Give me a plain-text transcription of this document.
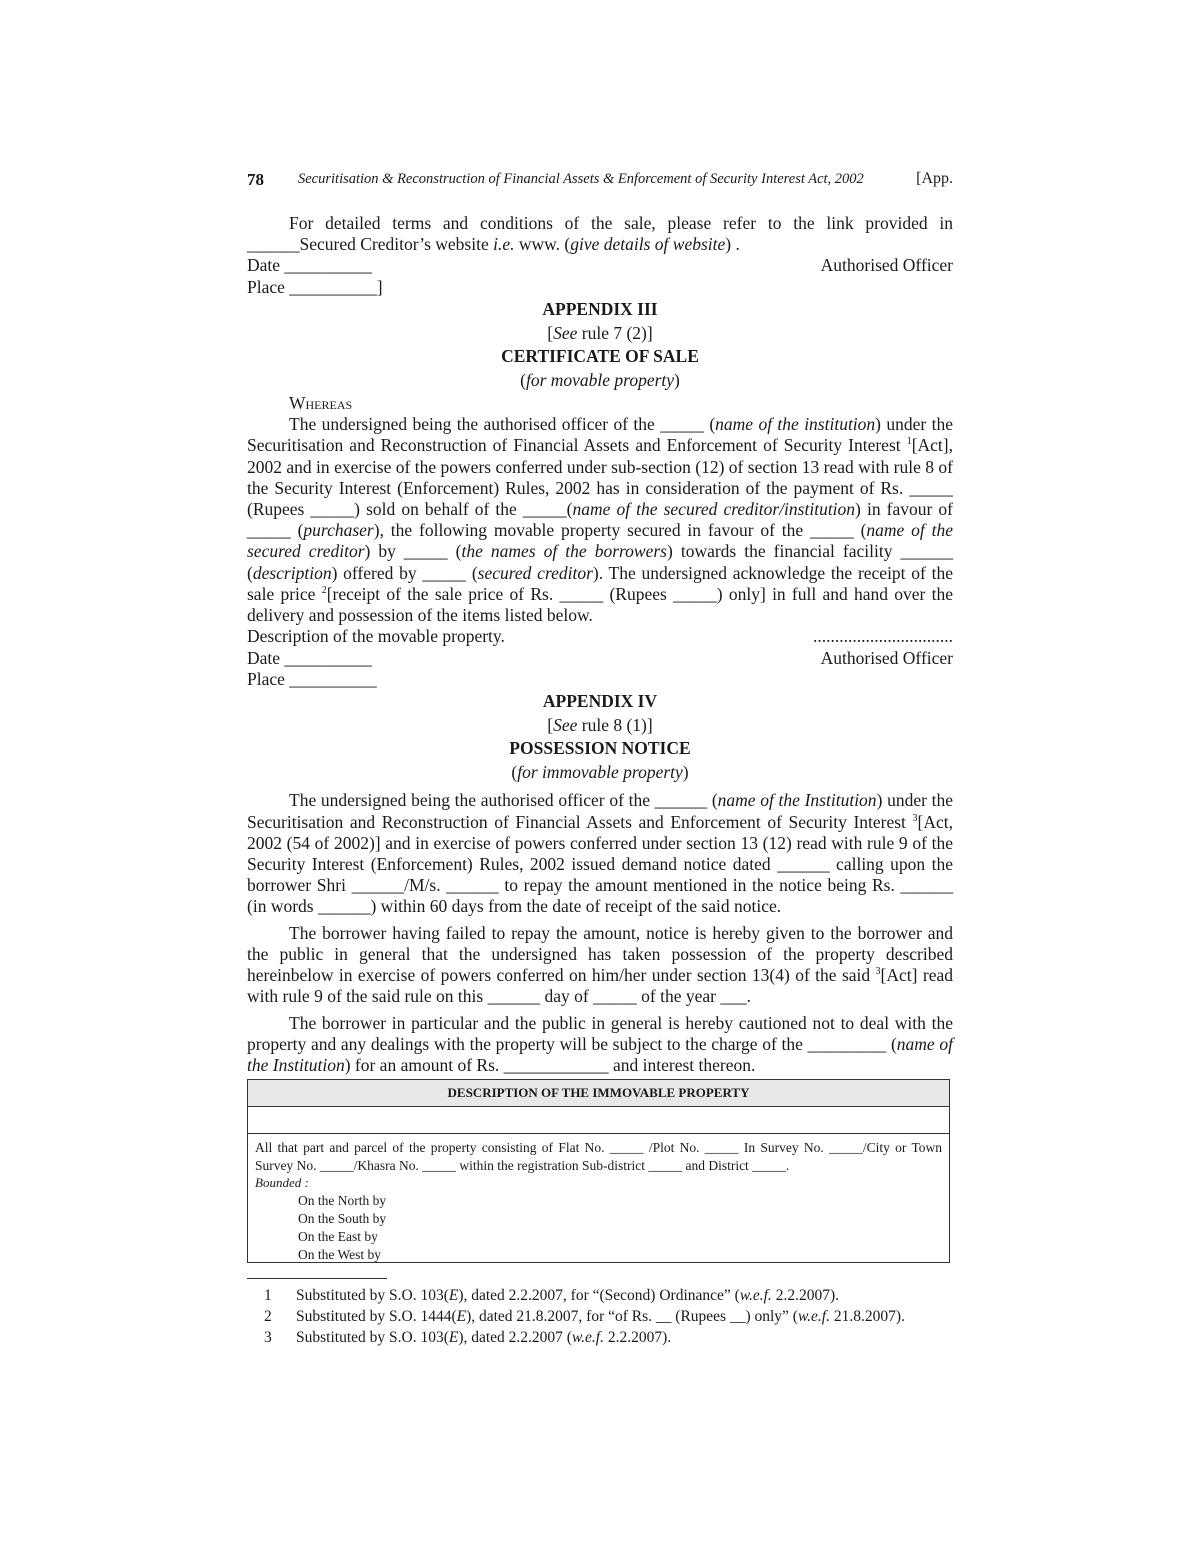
78 Securitisation & Reconstruction of Financial Assets & Enforcement of Security Interest Act, 2002	[App.

For detailed terms and conditions of the sale, please refer to the link provided in ______Secured Creditor’s website i.e. www. (give details of website) .

Date __________	Authorised Officer
Place __________]
APPENDIX III
[See rule 7 (2)]
CERTIFICATE OF SALE
(for movable property)
Whereas

The undersigned being the authorised officer of the _____ (name of the institution) under the Securitisation and Reconstruction of Financial Assets and Enforcement of Security Interest $^1$[Act], 2002 and in exercise of the powers conferred under sub-section (12) of section 13 read with rule 8 of the Security Interest (Enforcement) Rules, 2002 has in consideration of the payment of Rs. _____ (Rupees _____) sold on behalf of the _____(name of the secured creditor/institution) in favour of _____ (purchaser), the following movable property secured in favour of the _____ (name of the secured creditor) by _____ (the names of the borrowers) towards the financial facility ______ (description) offered by _____ (secured creditor). The undersigned acknowledge the receipt of the sale price $^2$[receipt of the sale price of Rs. _____ (Rupees _____) only] in full and hand over the delivery and possession of the items listed below.

Description of the movable property.	................................
Date __________	Authorised Officer
Place __________
APPENDIX IV
[See rule 8 (1)]
POSSESSION NOTICE
(for immovable property)

The undersigned being the authorised officer of the ______ (name of the Institution) under the Securitisation and Reconstruction of Financial Assets and Enforcement of Security Interest $^3$[Act, 2002 (54 of 2002)] and in exercise of powers conferred under section 13 (12) read with rule 9 of the Security Interest (Enforcement) Rules, 2002 issued demand notice dated ______ calling upon the borrower Shri ______/M/s. ______ to repay the amount mentioned in the notice being Rs. ______ (in words ______) within 60 days from the date of receipt of the said notice.

The borrower having failed to repay the amount, notice is hereby given to the borrower and the public in general that the undersigned has taken possession of the property described hereinbelow in exercise of powers conferred on him/her under section 13(4) of the said $^3$[Act] read with rule 9 of the said rule on this ______ day of _____ of the year ___.

The borrower in particular and the public in general is hereby cautioned not to deal with the property and any dealings with the property will be subject to the charge of the _________ (name of the Institution) for an amount of Rs. ____________ and interest thereon.

DESCRIPTION OF THE IMMOVABLE PROPERTY
All that part and parcel of the property consisting of Flat No. _____ /Plot No. _____ In Survey No. _____/City or Town Survey No. _____/Khasra No. _____ within the registration Sub-district _____ and District _____.
Bounded :
On the North by
On the South by
On the East by
On the West by
1	Substituted by S.O. 103(E), dated 2.2.2007, for “(Second) Ordinance” (w.e.f. 2.2.2007).
2	Substituted by S.O. 1444(E), dated 21.8.2007, for “of Rs. __ (Rupees __) only” (w.e.f. 21.8.2007).
3	Substituted by S.O. 103(E), dated 2.2.2007 (w.e.f. 2.2.2007).
